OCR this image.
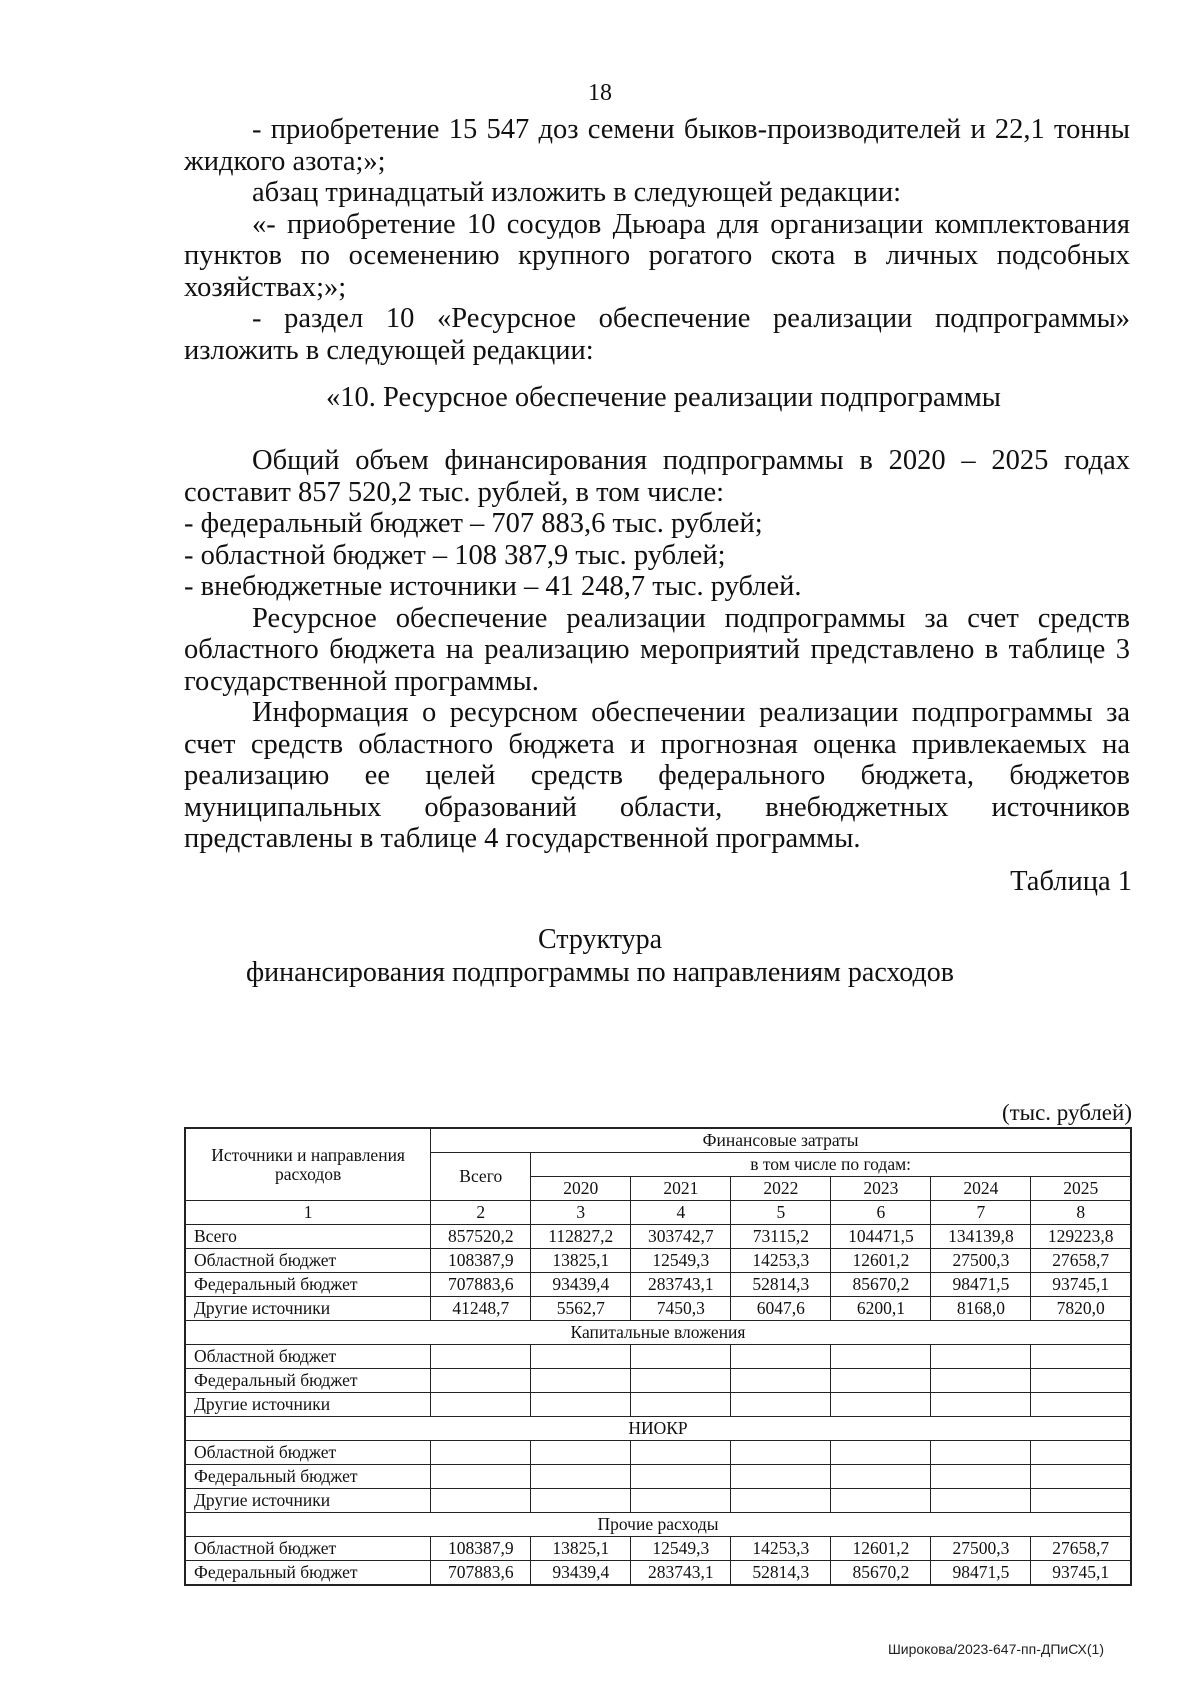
18

- приобретение 15 547 доз семени быков-производителей и 22,1 тонны жидкого азота;»;

абзац тринадцатый изложить в следующей редакции:

«- приобретение 10 сосудов Дьюара для организации комплектования пунктов по осеменению крупного рогатого скота в личных подсобных хозяйствах;»;

- раздел 10 «Ресурсное обеспечение реализации подпрограммы» изложить в следующей редакции:

«10. Ресурсное обеспечение реализации подпрограммы

Общий объем финансирования подпрограммы в 2020 – 2025 годах составит 857 520,2 тыс. рублей, в том числе:

- федеральный бюджет – 707 883,6 тыс. рублей;

- областной бюджет – 108 387,9 тыс. рублей;

- внебюджетные источники – 41 248,7 тыс. рублей.

Ресурсное обеспечение реализации подпрограммы за счет средств областного бюджета на реализацию мероприятий представлено в таблице 3 государственной программы.

Информация о ресурсном обеспечении реализации подпрограммы за счет средств областного бюджета и прогнозная оценка привлекаемых на реализацию ее целей средств федерального бюджета, бюджетов муниципальных образований области, внебюджетных источников представлены в таблице 4 государственной программы.

Таблица 1
Структура
финансирования подпрограммы по направлениям расходов
(тыс. рублей)
Источники и направления расходов	Финансовые затраты						
	Всего	в том числе по годам:					
		2020	2021	2022	2023	2024	2025
1	2	3	4	5	6	7	8
Всего	857520,2	112827,2	303742,7	73115,2	104471,5	134139,8	129223,8
Областной бюджет	108387,9	13825,1	12549,3	14253,3	12601,2	27500,3	27658,7
Федеральный бюджет	707883,6	93439,4	283743,1	52814,3	85670,2	98471,5	93745,1
Другие источники	41248,7	5562,7	7450,3	6047,6	6200,1	8168,0	7820,0
Капитальные вложения							
Областной бюджет							
Федеральный бюджет							
Другие источники							
НИОКР							
Областной бюджет							
Федеральный бюджет							
Другие источники							
Прочие расходы							
Областной бюджет	108387,9	13825,1	12549,3	14253,3	12601,2	27500,3	27658,7
Федеральный бюджет	707883,6	93439,4	283743,1	52814,3	85670,2	98471,5	93745,1
Широкова/2023-647-пп-ДПиСХ(1)
